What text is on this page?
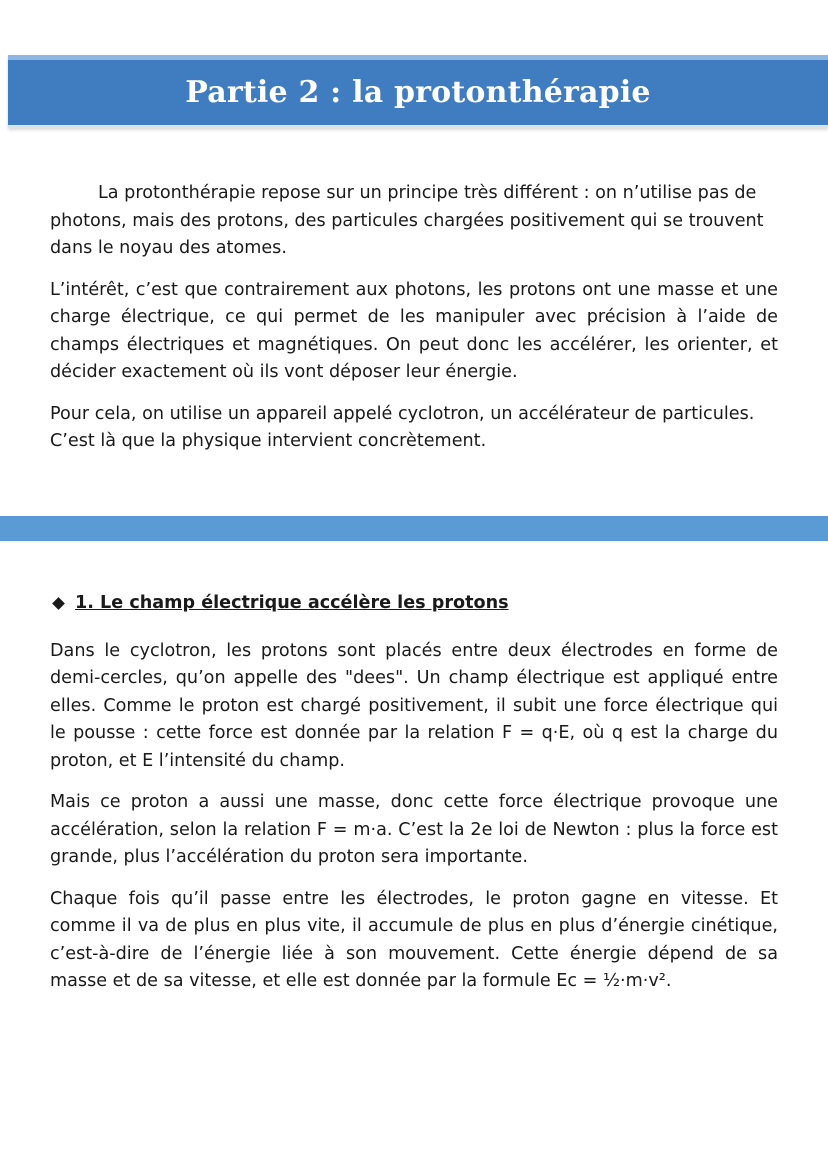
Partie 2 : la protonthérapie

La protonthérapie repose sur un principe très différent : on n’utilise pas de photons, mais des protons, des particules chargées positivement qui se trouvent dans le noyau des atomes.

L’intérêt, c’est que contrairement aux photons, les protons ont une masse et une charge électrique, ce qui permet de les manipuler avec précision à l’aide de champs électriques et magnétiques. On peut donc les accélérer, les orienter, et décider exactement où ils vont déposer leur énergie.

Pour cela, on utilise un appareil appelé cyclotron, un accélérateur de particules. C’est là que la physique intervient concrètement.

1. Le champ électrique accélère les protons

Dans le cyclotron, les protons sont placés entre deux électrodes en forme de demi-cercles, qu’on appelle des "dees". Un champ électrique est appliqué entre elles. Comme le proton est chargé positivement, il subit une force électrique qui le pousse : cette force est donnée par la relation F = q·E, où q est la charge du proton, et E l’intensité du champ.

Mais ce proton a aussi une masse, donc cette force électrique provoque une accélération, selon la relation F = m·a. C’est la 2e loi de Newton : plus la force est grande, plus l’accélération du proton sera importante.

Chaque fois qu’il passe entre les électrodes, le proton gagne en vitesse. Et comme il va de plus en plus vite, il accumule de plus en plus d’énergie cinétique, c’est-à-dire de l’énergie liée à son mouvement. Cette énergie dépend de sa masse et de sa vitesse, et elle est donnée par la formule Ec = ½·m·v².
